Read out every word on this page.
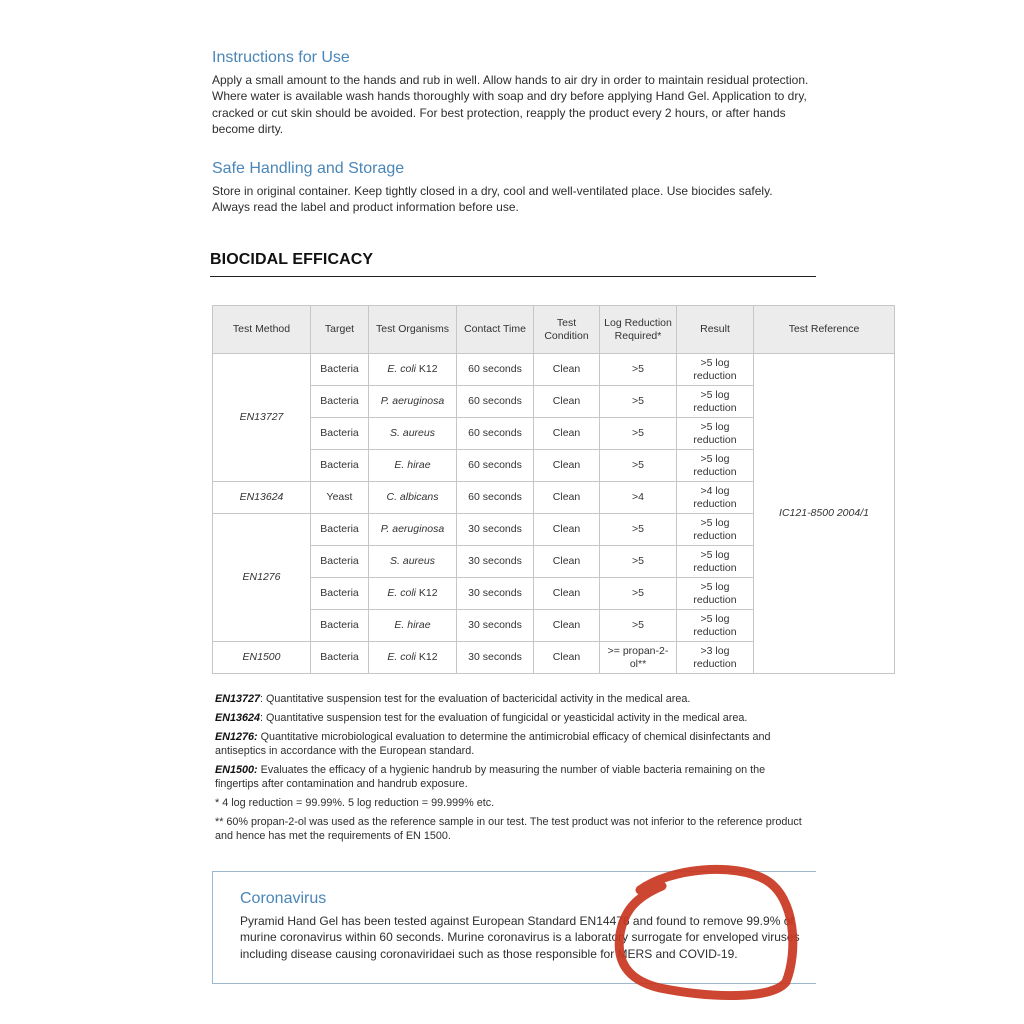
Instructions for Use

Apply a small amount to the hands and rub in well. Allow hands to air dry in order to maintain residual protection. Where water is available wash hands thoroughly with soap and dry before applying Hand Gel. Application to dry, cracked or cut skin should be avoided. For best protection, reapply the product every 2 hours, or after hands become dirty.

Safe Handling and Storage

Store in original container. Keep tightly closed in a dry, cool and well-ventilated place. Use biocides safely. Always read the label and product information before use.

BIOCIDAL EFFICACY
Test Method	Target	Test Organisms	Contact Time	Test Condition	Log Reduction Required*	Result	Test Reference
EN13727	Bacteria	E. coli K12	60 seconds	Clean	>5	>5 log reduction	IC121-8500 2004/1
	Bacteria	P. aeruginosa	60 seconds	Clean	>5	>5 log reduction	
	Bacteria	S. aureus	60 seconds	Clean	>5	>5 log reduction	
	Bacteria	E. hirae	60 seconds	Clean	>5	>5 log reduction	
EN13624	Yeast	C. albicans	60 seconds	Clean	>4	>4 log reduction	
EN1276	Bacteria	P. aeruginosa	30 seconds	Clean	>5	>5 log reduction	
	Bacteria	S. aureus	30 seconds	Clean	>5	>5 log reduction	
	Bacteria	E. coli K12	30 seconds	Clean	>5	>5 log reduction	
	Bacteria	E. hirae	30 seconds	Clean	>5	>5 log reduction	
EN1500	Bacteria	E. coli K12	30 seconds	Clean	>= propan-2-ol**	>3 log reduction	

EN13727: Quantitative suspension test for the evaluation of bactericidal activity in the medical area.

EN13624: Quantitative suspension test for the evaluation of fungicidal or yeasticidal activity in the medical area.

EN1276: Quantitative microbiological evaluation to determine the antimicrobial efficacy of chemical disinfectants and antiseptics in accordance with the European standard.

EN1500: Evaluates the efficacy of a hygienic handrub by measuring the number of viable bacteria remaining on the fingertips after contamination and handrub exposure.

* 4 log reduction = 99.99%. 5 log reduction = 99.999% etc.

** 60% propan-2-ol was used as the reference sample in our test. The test product was not inferior to the reference product and hence has met the requirements of EN 1500.

Coronavirus

Pyramid Hand Gel has been tested against European Standard EN14476 and found to remove 99.9% of murine coronavirus within 60 seconds. Murine coronavirus is a laboratory surrogate for enveloped viruses including disease causing coronaviridaei such as those responsible for MERS and COVID-19.
